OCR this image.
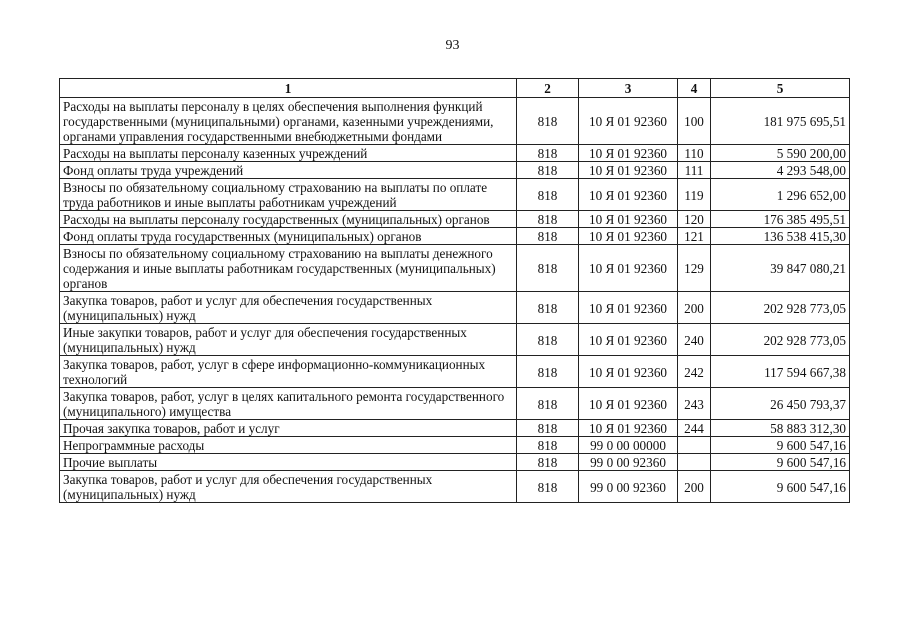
93
1	2	3	4	5
Расходы на выплаты персоналу в целях обеспечения выполнения функций государственными (муниципальными) органами, казенными учреждениями, органами управления государственными внебюджетными фондами	818	10 Я 01 92360	100	181 975 695,51
Расходы на выплаты персоналу казенных учреждений	818	10 Я 01 92360	110	5 590 200,00
Фонд оплаты труда учреждений	818	10 Я 01 92360	111	4 293 548,00
Взносы по обязательному социальному страхованию на выплаты по оплате труда работников и иные выплаты работникам учреждений	818	10 Я 01 92360	119	1 296 652,00
Расходы на выплаты персоналу государственных (муниципальных) органов	818	10 Я 01 92360	120	176 385 495,51
Фонд оплаты труда государственных (муниципальных) органов	818	10 Я 01 92360	121	136 538 415,30
Взносы по обязательному социальному страхованию на выплаты денежного содержания и иные выплаты работникам государственных (муниципальных) органов	818	10 Я 01 92360	129	39 847 080,21
Закупка товаров, работ и услуг для обеспечения государственных (муниципальных) нужд	818	10 Я 01 92360	200	202 928 773,05
Иные закупки товаров, работ и услуг для обеспечения государственных (муниципальных) нужд	818	10 Я 01 92360	240	202 928 773,05
Закупка товаров, работ, услуг в сфере информационно-коммуникационных технологий	818	10 Я 01 92360	242	117 594 667,38
Закупка товаров, работ, услуг в целях капитального ремонта государственного (муниципального) имущества	818	10 Я 01 92360	243	26 450 793,37
Прочая закупка товаров, работ и услуг	818	10 Я 01 92360	244	58 883 312,30
Непрограммные расходы	818	99 0 00 00000		9 600 547,16
Прочие выплаты	818	99 0 00 92360		9 600 547,16
Закупка товаров, работ и услуг для обеспечения государственных (муниципальных) нужд	818	99 0 00 92360	200	9 600 547,16
